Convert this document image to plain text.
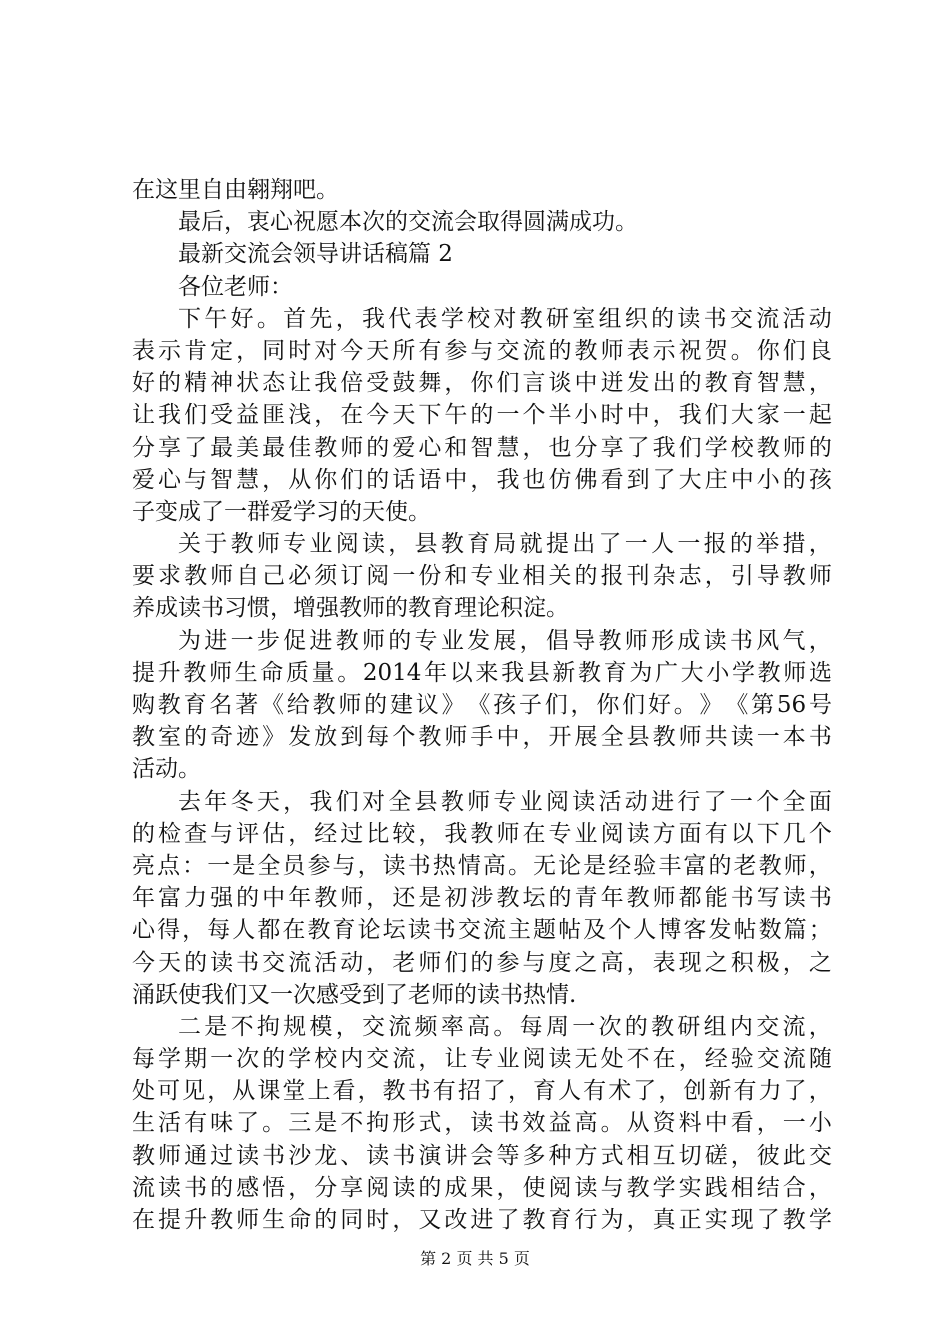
在这里自由翱翔吧。
最后，衷心祝愿本次的交流会取得圆满成功。
最新交流会领导讲话稿篇 2
各位老师：
下 午 好 。 首 先 ， 我 代 表 学 校 对 教 研 室 组 织 的 读 书 交 流 活 动
表 示 肯 定 ， 同 时 对 今 天 所 有 参 与 交 流 的 教 师 表 示 祝 贺 。 你 们 良
好 的 精 神 状 态 让 我 倍 受 鼓 舞 ， 你 们 言 谈 中 迸 发 出 的 教 育 智 慧 ，
让 我 们 受 益 匪 浅 ， 在 今 天 下 午 的 一 个 半 小 时 中 ， 我 们 大 家 一 起
分 享 了 最 美 最 佳 教 师 的 爱 心 和 智 慧 ， 也 分 享 了 我 们 学 校 教 师 的
爱 心 与 智 慧 ， 从 你 们 的 话 语 中 ， 我 也 仿 佛 看 到 了 大 庄 中 小 的 孩
子变成了一群爱学习的天使。
关 于 教 师 专 业 阅 读 ， 县 教 育 局 就 提 出 了 一 人 一 报 的 举 措 ，
要 求 教 师 自 己 必 须 订 阅 一 份 和 专 业 相 关 的 报 刊 杂 志 ， 引 导 教 师
养成读书习惯，增强教师的教育理论积淀。
为 进 一 步 促 进 教 师 的 专 业 发 展 ， 倡 导 教 师 形 成 读 书 风 气 ，
提 升 教 师 生 命 质 量 。 2014 年 以 来 我 县 新 教 育 为 广 大 小 学 教 师 选
购 教 育 名 著 《 给 教 师 的 建 议 》 《 孩 子 们 ， 你 们 好 。 》 《 第 56 号
教 室 的 奇 迹 》 发 放 到 每 个 教 师 手 中 ， 开 展 全 县 教 师 共 读 一 本 书
活动。
去 年 冬 天 ， 我 们 对 全 县 教 师 专 业 阅 读 活 动 进 行 了 一 个 全 面
的 检 查 与 评 估 ， 经 过 比 较 ， 我 教 师 在 专 业 阅 读 方 面 有 以 下 几 个
亮 点 ： 一 是 全 员 参 与 ， 读 书 热 情 高 。 无 论 是 经 验 丰 富 的 老 教 师 ，
年 富 力 强 的 中 年 教 师 ， 还 是 初 涉 教 坛 的 青 年 教 师 都 能 书 写 读 书
心 得 ， 每 人 都 在 教 育 论 坛 读 书 交 流 主 题 帖 及 个 人 博 客 发 帖 数 篇 ；
今 天 的 读 书 交 流 活 动 ， 老 师 们 的 参 与 度 之 高 ， 表 现 之 积 极 ， 之
涌跃使我们又一次感受到了老师的读书热情.
二 是 不 拘 规 模 ， 交 流 频 率 高 。 每 周 一 次 的 教 研 组 内 交 流 ，
每 学 期 一 次 的 学 校 内 交 流 ， 让 专 业 阅 读 无 处 不 在 ， 经 验 交 流 随
处 可 见 ， 从 课 堂 上 看 ， 教 书 有 招 了 ， 育 人 有 术 了 ， 创 新 有 力 了 ，
生 活 有 味 了 。 三 是 不 拘 形 式 ， 读 书 效 益 高 。 从 资 料 中 看 ， 一 小
教 师 通 过 读 书 沙 龙 、 读 书 演 讲 会 等 多 种 方 式 相 互 切 磋 ， 彼 此 交
流 读 书 的 感 悟 ， 分 享 阅 读 的 成 果 ， 使 阅 读 与 教 学 实 践 相 结 合 ，
在 提 升 教 师 生 命 的 同 时 ， 又 改 进 了 教 育 行 为 ， 真 正 实 现 了 教 学
第 2 页 共 5 页
